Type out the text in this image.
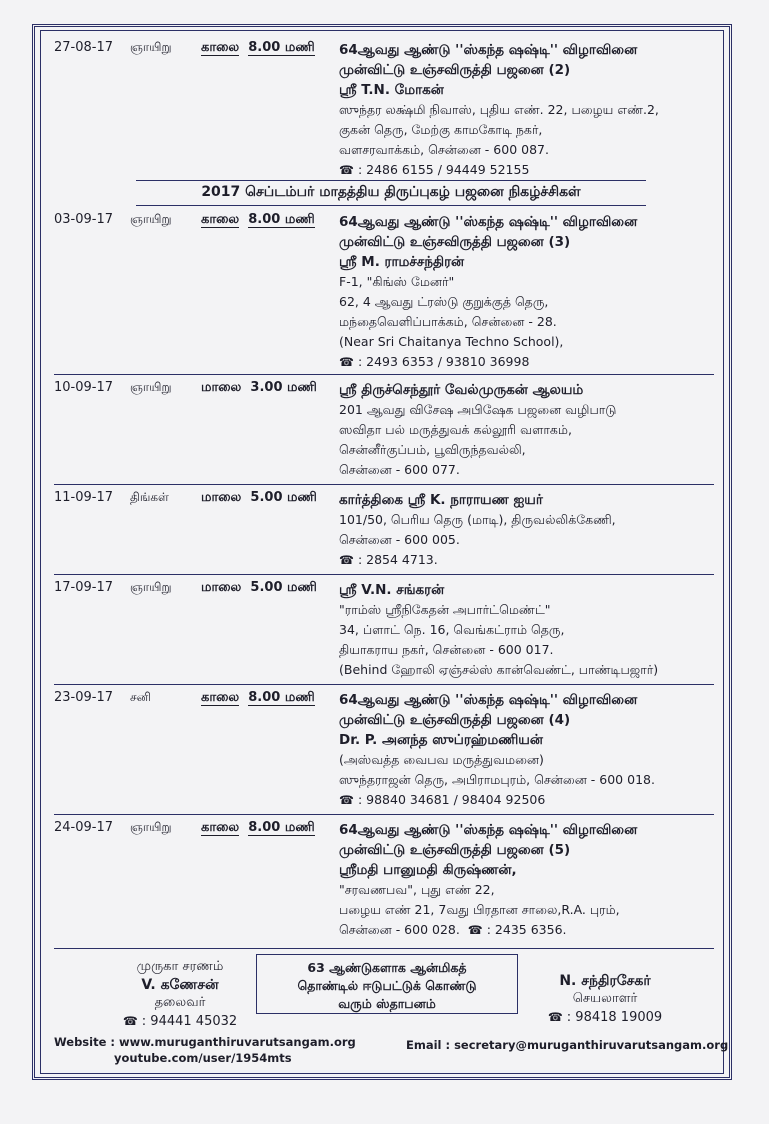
27-08-17	ஞாயிறு	காலை 8.00 மணி	64ஆவது ஆண்டு ''ஸ்கந்த ஷஷ்டி'' விழாவினை
முன்விட்டு உஞ்சவிருத்தி பஜனை (2)
ஸ்ரீ T.N. மோகன்
ஸுந்தர லக்ஷ்மி நிவாஸ், புதிய எண். 22, பழைய எண்.2,
குகன் தெரு, மேற்கு காமகோடி நகர்,
வளசரவாக்கம், சென்னை - 600 087.
☎ : 2486 6155 / 94449 52155
2017 செப்டம்பர் மாதத்திய திருப்புகழ் பஜனை நிகழ்ச்சிகள்
03-09-17	ஞாயிறு	காலை 8.00 மணி	64ஆவது ஆண்டு ''ஸ்கந்த ஷஷ்டி'' விழாவினை
முன்விட்டு உஞ்சவிருத்தி பஜனை (3)
ஸ்ரீ M. ராமச்சந்திரன்
F-1, "கிங்ஸ் மேனர்"
62, 4 ஆவது ட்ரஸ்டு குறுக்குத் தெரு,
மந்தைவெளிப்பாக்கம், சென்னை - 28.
(Near Sri Chaitanya Techno School),
☎ : 2493 6353 / 93810 36998
10-09-17	ஞாயிறு	மாலை 3.00 மணி	ஸ்ரீ திருச்செந்தூர் வேல்முருகன் ஆலயம்
201 ஆவது விசேஷ அபிஷேக பஜனை வழிபாடு
ஸவிதா பல் மருத்துவக் கல்லூரி வளாகம்,
சென்னீர்குப்பம், பூவிருந்தவல்லி,
சென்னை - 600 077.
11-09-17	திங்கள்	மாலை 5.00 மணி	கார்த்திகை ஸ்ரீ K. நாராயண ஐயர்
101/50, பெரிய தெரு (மாடி), திருவல்லிக்கேணி,
சென்னை - 600 005.
☎ : 2854 4713.
17-09-17	ஞாயிறு	மாலை 5.00 மணி	ஸ்ரீ V.N. சங்கரன்
"ராம்ஸ் ஸ்ரீநிகேதன் அபார்ட்மெண்ட்"
34, ப்ளாட் நெ. 16, வெங்கட்ராம் தெரு,
தியாகராய நகர், சென்னை - 600 017.
(Behind ஹோலி ஏஞ்சல்ஸ் கான்வெண்ட், பாண்டிபஜார்)
23-09-17	சனி	காலை 8.00 மணி	64ஆவது ஆண்டு ''ஸ்கந்த ஷஷ்டி'' விழாவினை
முன்விட்டு உஞ்சவிருத்தி பஜனை (4)
Dr. P. அனந்த ஸுப்ரஹ்மணியன்
(அஸ்வத்த வைபவ மருத்துவமனை)
ஸுந்தராஜன் தெரு, அபிராமபுரம், சென்னை - 600 018.
☎ : 98840 34681 / 98404 92506
24-09-17	ஞாயிறு	காலை 8.00 மணி	64ஆவது ஆண்டு ''ஸ்கந்த ஷஷ்டி'' விழாவினை
முன்விட்டு உஞ்சவிருத்தி பஜனை (5)
ஸ்ரீமதி பானுமதி கிருஷ்ணன்,
"சரவணபவ", புது எண் 22,
பழைய எண் 21, 7வது பிரதான சாலை,R.A. புரம்,
சென்னை - 600 028. ☎ : 2435 6356.
முருகா சரணம்
V. கணேசன்
தலைவர்
☎ : 94441 45032
63 ஆண்டுகளாக ஆன்மிகத்
தொண்டில் ஈடுபட்டுக் கொண்டு
வரும் ஸ்தாபனம்
N. சந்திரசேகர்
செயலாளர்
☎ : 98418 19009
Website : www.muruganthiruvarutsangam.org
youtube.com/user/1954mts
Email : secretary@muruganthiruvarutsangam.org
